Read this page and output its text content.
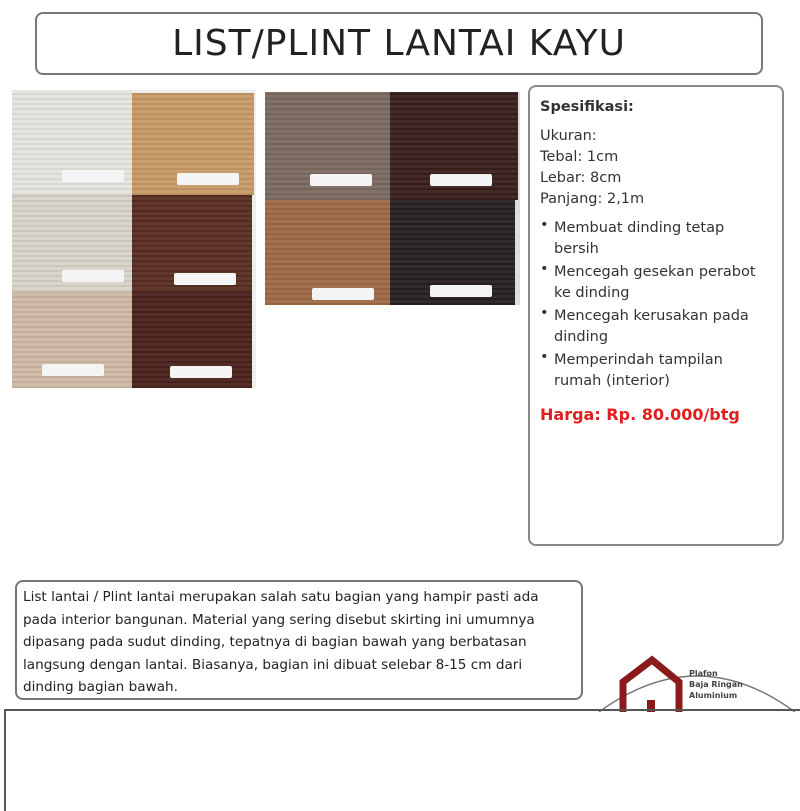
LIST/PLINT LANTAI KAYU
Spesifikasi:
Ukuran:
Tebal: 1cm
Lebar: 8cm
Panjang: 2,1m
• Membuat dinding tetap bersih
• Mencegah gesekan perabot ke dinding
• Mencegah kerusakan pada dinding
• Memperindah tampilan rumah (interior)
Harga: Rp. 80.000/btg
List lantai / Plint lantai merupakan salah satu bagian yang hampir pasti ada pada interior bangunan. Material yang sering disebut skirting ini umumnya dipasang pada sudut dinding, tepatnya di bagian bawah yang berbatasan langsung dengan lantai. Biasanya, bagian ini dibuat selebar 8-15 cm dari dinding bagian bawah.
Plafon
Baja Ringan
Aluminium
